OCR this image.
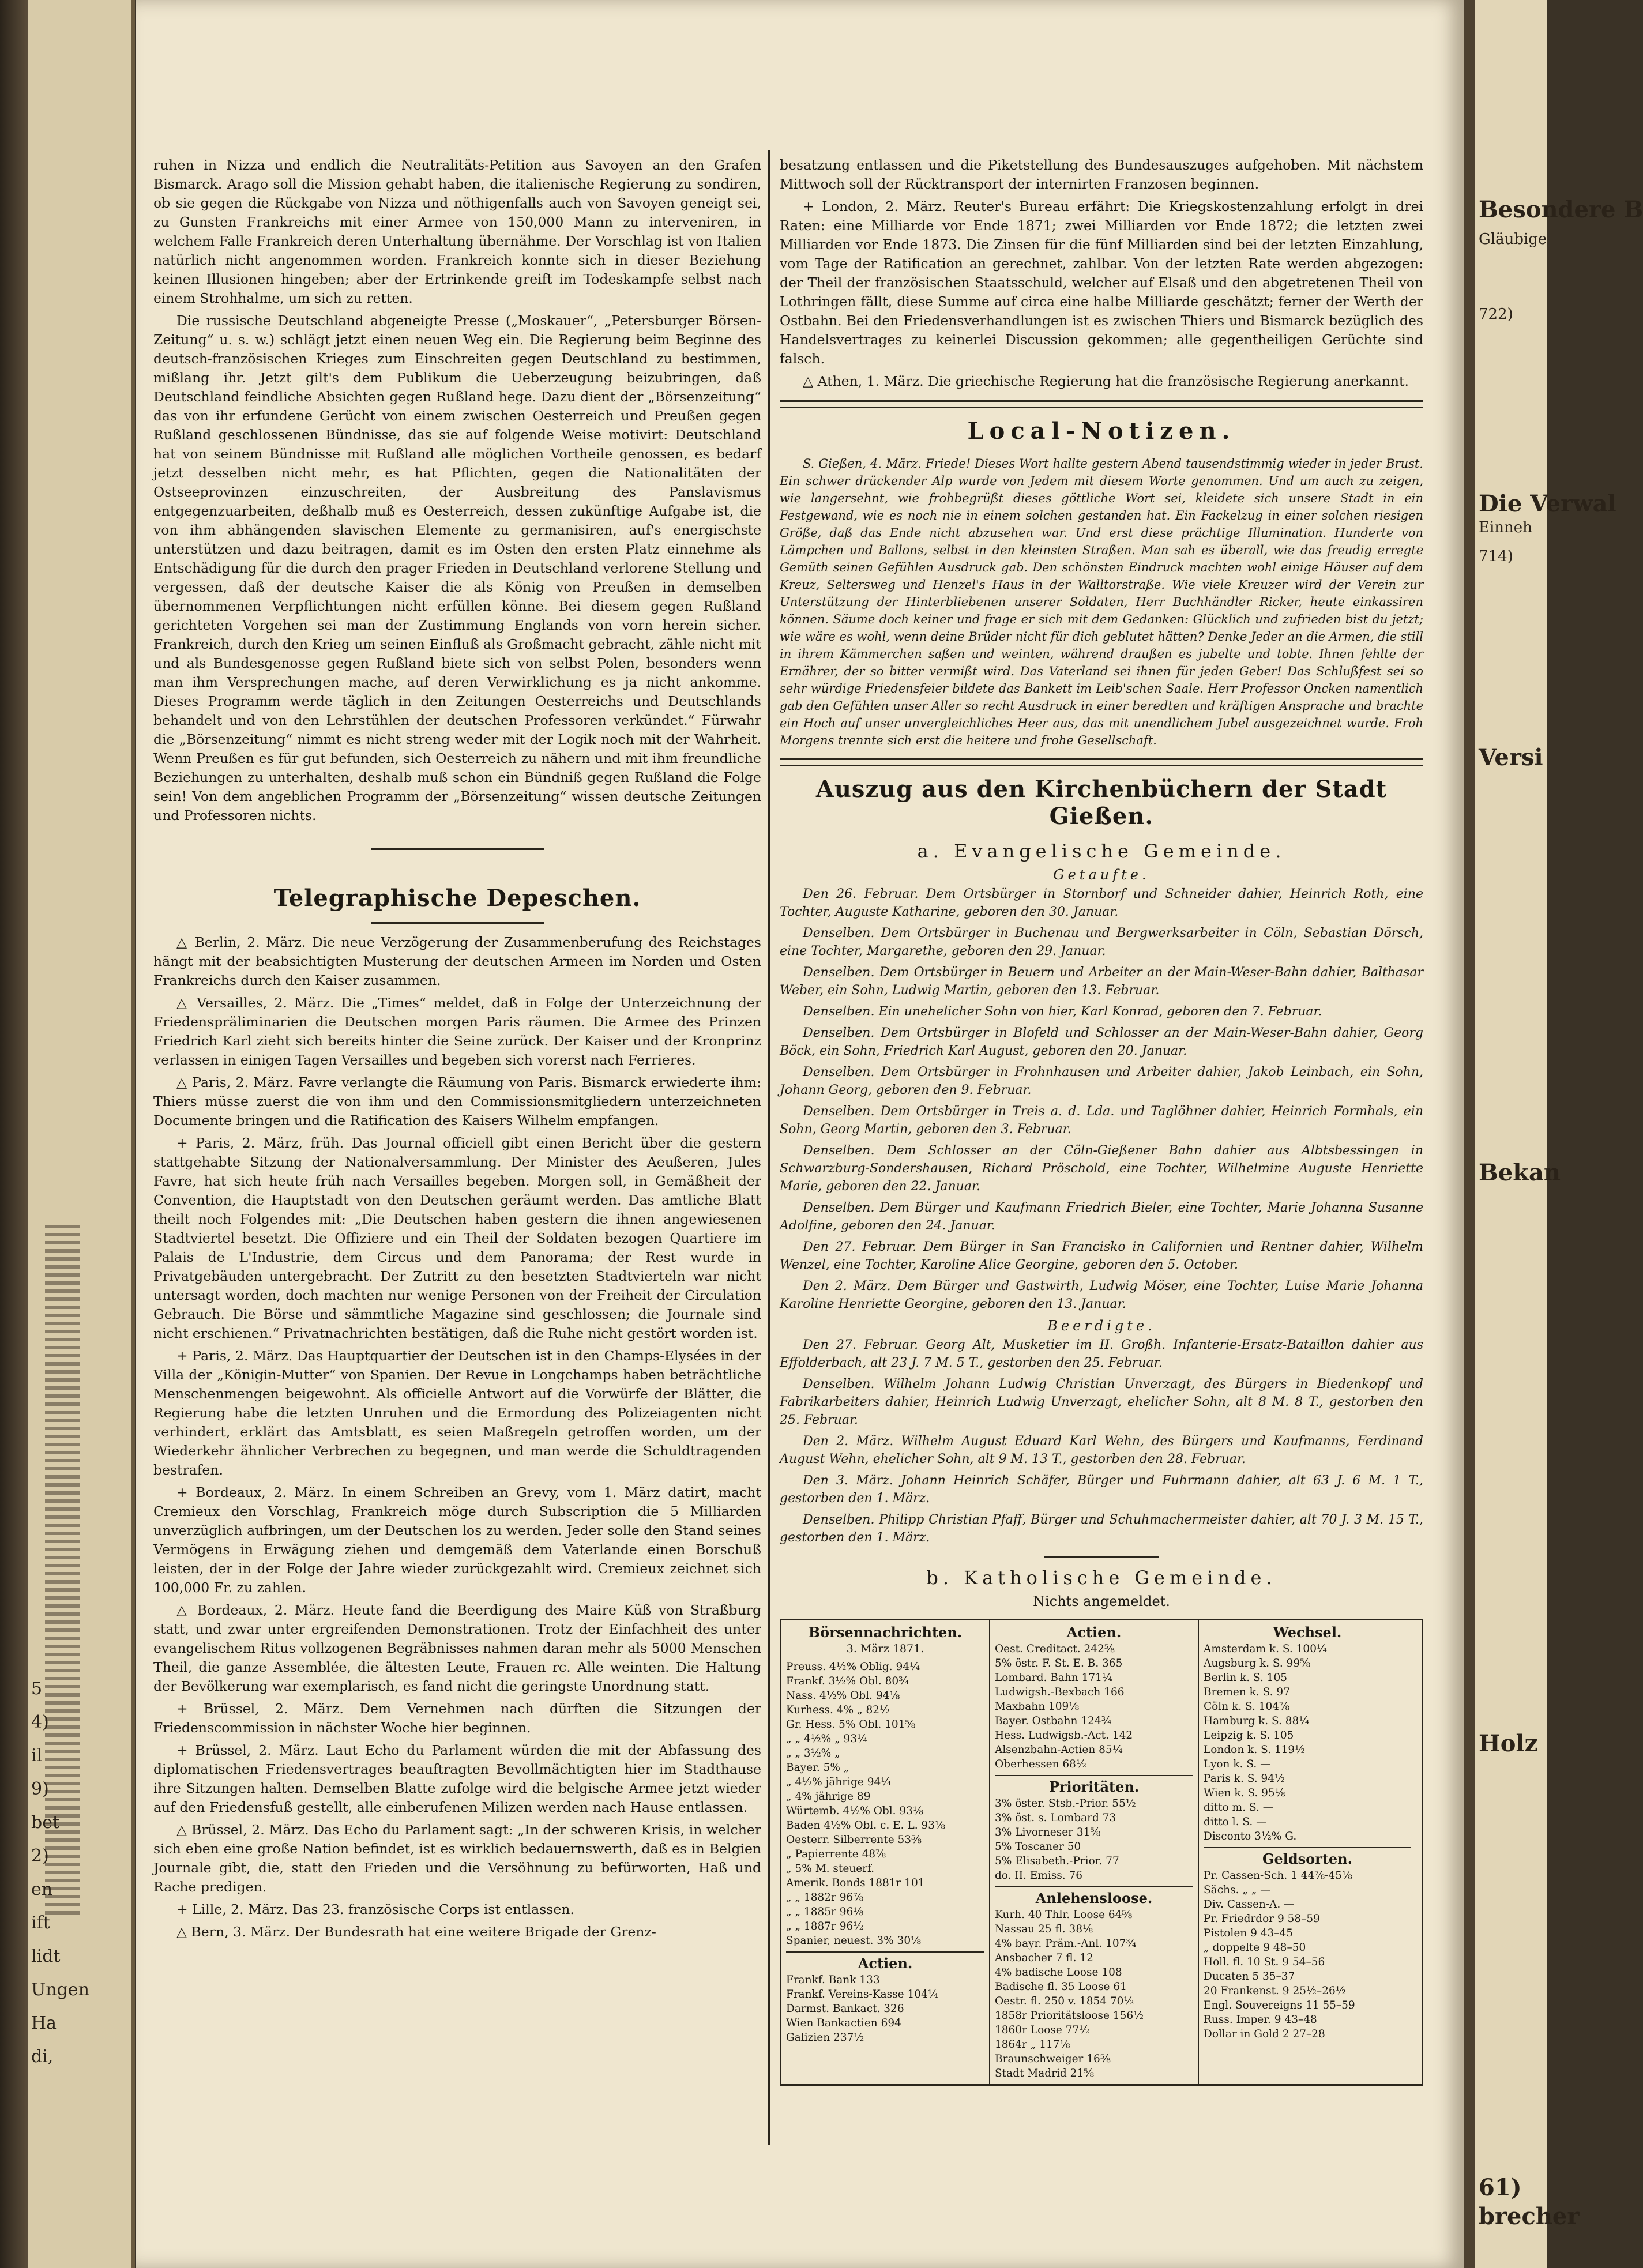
5
4)
il
9)
bet
2)
en
ift
lidt
Ungen
Ha
di,

ruhen in Nizza und endlich die Neutralitäts-Petition aus Savoyen an den Grafen Bismarck. Arago soll die Mission gehabt haben, die italienische Regierung zu sondiren, ob sie gegen die Rückgabe von Nizza und nöthigenfalls auch von Savoyen geneigt sei, zu Gunsten Frankreichs mit einer Armee von 150,000 Mann zu interveniren, in welchem Falle Frankreich deren Unterhaltung übernähme. Der Vorschlag ist von Italien natürlich nicht angenommen worden. Frankreich konnte sich in dieser Beziehung keinen Illusionen hingeben; aber der Ertrinkende greift im Todeskampfe selbst nach einem Strohhalme, um sich zu retten.

Die russische Deutschland abgeneigte Presse („Moskauer“, „Petersburger Börsen-Zeitung“ u. s. w.) schlägt jetzt einen neuen Weg ein. Die Regierung beim Beginne des deutsch-französischen Krieges zum Einschreiten gegen Deutschland zu bestimmen, mißlang ihr. Jetzt gilt's dem Publikum die Ueberzeugung beizubringen, daß Deutschland feindliche Absichten gegen Rußland hege. Dazu dient der „Börsenzeitung“ das von ihr erfundene Gerücht von einem zwischen Oesterreich und Preußen gegen Rußland geschlossenen Bündnisse, das sie auf folgende Weise motivirt: Deutschland hat von seinem Bündnisse mit Rußland alle möglichen Vortheile genossen, es bedarf jetzt desselben nicht mehr, es hat Pflichten, gegen die Nationalitäten der Ostseeprovinzen einzuschreiten, der Ausbreitung des Panslavismus entgegenzuarbeiten, deßhalb muß es Oesterreich, dessen zukünftige Aufgabe ist, die von ihm abhängenden slavischen Elemente zu germanisiren, auf's energischste unterstützen und dazu beitragen, damit es im Osten den ersten Platz einnehme als Entschädigung für die durch den prager Frieden in Deutschland verlorene Stellung und vergessen, daß der deutsche Kaiser die als König von Preußen in demselben übernommenen Verpflichtungen nicht erfüllen könne. Bei diesem gegen Rußland gerichteten Vorgehen sei man der Zustimmung Englands von vorn herein sicher. Frankreich, durch den Krieg um seinen Einfluß als Großmacht gebracht, zähle nicht mit und als Bundesgenosse gegen Rußland biete sich von selbst Polen, besonders wenn man ihm Versprechungen mache, auf deren Verwirklichung es ja nicht ankomme. Dieses Programm werde täglich in den Zeitungen Oesterreichs und Deutschlands behandelt und von den Lehrstühlen der deutschen Professoren verkündet.“ Fürwahr die „Börsenzeitung“ nimmt es nicht streng weder mit der Logik noch mit der Wahrheit. Wenn Preußen es für gut befunden, sich Oesterreich zu nähern und mit ihm freundliche Beziehungen zu unterhalten, deshalb muß schon ein Bündniß gegen Rußland die Folge sein! Von dem angeblichen Programm der „Börsenzeitung“ wissen deutsche Zeitungen und Professoren nichts.

Telegraphische Depeschen.

△ Berlin, 2. März. Die neue Verzögerung der Zusammenberufung des Reichstages hängt mit der beabsichtigten Musterung der deutschen Armeen im Norden und Osten Frankreichs durch den Kaiser zusammen.

△ Versailles, 2. März. Die „Times“ meldet, daß in Folge der Unterzeichnung der Friedenspräliminarien die Deutschen morgen Paris räumen. Die Armee des Prinzen Friedrich Karl zieht sich bereits hinter die Seine zurück. Der Kaiser und der Kronprinz verlassen in einigen Tagen Versailles und begeben sich vorerst nach Ferrieres.

△ Paris, 2. März. Favre verlangte die Räumung von Paris. Bismarck erwiederte ihm: Thiers müsse zuerst die von ihm und den Commissionsmitgliedern unterzeichneten Documente bringen und die Ratification des Kaisers Wilhelm empfangen.

+ Paris, 2. März, früh. Das Journal officiell gibt einen Bericht über die gestern stattgehabte Sitzung der Nationalversammlung. Der Minister des Aeußeren, Jules Favre, hat sich heute früh nach Versailles begeben. Morgen soll, in Gemäßheit der Convention, die Hauptstadt von den Deutschen geräumt werden. Das amtliche Blatt theilt noch Folgendes mit: „Die Deutschen haben gestern die ihnen angewiesenen Stadtviertel besetzt. Die Offiziere und ein Theil der Soldaten bezogen Quartiere im Palais de L'Industrie, dem Circus und dem Panorama; der Rest wurde in Privatgebäuden untergebracht. Der Zutritt zu den besetzten Stadtvierteln war nicht untersagt worden, doch machten nur wenige Personen von der Freiheit der Circulation Gebrauch. Die Börse und sämmtliche Magazine sind geschlossen; die Journale sind nicht erschienen.“ Privatnachrichten bestätigen, daß die Ruhe nicht gestört worden ist.

+ Paris, 2. März. Das Hauptquartier der Deutschen ist in den Champs-Elysées in der Villa der „Königin-Mutter“ von Spanien. Der Revue in Longchamps haben beträchtliche Menschenmengen beigewohnt. Als officielle Antwort auf die Vorwürfe der Blätter, die Regierung habe die letzten Unruhen und die Ermordung des Polizeiagenten nicht verhindert, erklärt das Amtsblatt, es seien Maßregeln getroffen worden, um der Wiederkehr ähnlicher Verbrechen zu begegnen, und man werde die Schuldtragenden bestrafen.

+ Bordeaux, 2. März. In einem Schreiben an Grevy, vom 1. März datirt, macht Cremieux den Vorschlag, Frankreich möge durch Subscription die 5 Milliarden unverzüglich aufbringen, um der Deutschen los zu werden. Jeder solle den Stand seines Vermögens in Erwägung ziehen und demgemäß dem Vaterlande einen Borschuß leisten, der in der Folge der Jahre wieder zurückgezahlt wird. Cremieux zeichnet sich 100,000 Fr. zu zahlen.

△ Bordeaux, 2. März. Heute fand die Beerdigung des Maire Küß von Straßburg statt, und zwar unter ergreifenden Demonstrationen. Trotz der Einfachheit des unter evangelischem Ritus vollzogenen Begräbnisses nahmen daran mehr als 5000 Menschen Theil, die ganze Assemblée, die ältesten Leute, Frauen rc. Alle weinten. Die Haltung der Bevölkerung war exemplarisch, es fand nicht die geringste Unordnung statt.

+ Brüssel, 2. März. Dem Vernehmen nach dürften die Sitzungen der Friedenscommission in nächster Woche hier beginnen.

+ Brüssel, 2. März. Laut Echo du Parlament würden die mit der Abfassung des diplomatischen Friedensvertrages beauftragten Bevollmächtigten hier im Stadthause ihre Sitzungen halten. Demselben Blatte zufolge wird die belgische Armee jetzt wieder auf den Friedensfuß gestellt, alle einberufenen Milizen werden nach Hause entlassen.

△ Brüssel, 2. März. Das Echo du Parlament sagt: „In der schweren Krisis, in welcher sich eben eine große Nation befindet, ist es wirklich bedauernswerth, daß es in Belgien Journale gibt, die, statt den Frieden und die Versöhnung zu befürworten, Haß und Rache predigen.

+ Lille, 2. März. Das 23. französische Corps ist entlassen.

△ Bern, 3. März. Der Bundesrath hat eine weitere Brigade der Grenz-

besatzung entlassen und die Piketstellung des Bundesauszuges aufgehoben. Mit nächstem Mittwoch soll der Rücktransport der internirten Franzosen beginnen.

+ London, 2. März. Reuter's Bureau erfährt: Die Kriegskostenzahlung erfolgt in drei Raten: eine Milliarde vor Ende 1871; zwei Milliarden vor Ende 1872; die letzten zwei Milliarden vor Ende 1873. Die Zinsen für die fünf Milliarden sind bei der letzten Einzahlung, vom Tage der Ratification an gerechnet, zahlbar. Von der letzten Rate werden abgezogen: der Theil der französischen Staatsschuld, welcher auf Elsaß und den abgetretenen Theil von Lothringen fällt, diese Summe auf circa eine halbe Milliarde geschätzt; ferner der Werth der Ostbahn. Bei den Friedensverhandlungen ist es zwischen Thiers und Bismarck bezüglich des Handelsvertrages zu keinerlei Discussion gekommen; alle gegentheiligen Gerüchte sind falsch.

△ Athen, 1. März. Die griechische Regierung hat die französische Regierung anerkannt.

Local-Notizen.

S. Gießen, 4. März. Friede! Dieses Wort hallte gestern Abend tausendstimmig wieder in jeder Brust. Ein schwer drückender Alp wurde von Jedem mit diesem Worte genommen. Und um auch zu zeigen, wie langersehnt, wie frohbegrüßt dieses göttliche Wort sei, kleidete sich unsere Stadt in ein Festgewand, wie es noch nie in einem solchen gestanden hat. Ein Fackelzug in einer solchen riesigen Größe, daß das Ende nicht abzusehen war. Und erst diese prächtige Illumination. Hunderte von Lämpchen und Ballons, selbst in den kleinsten Straßen. Man sah es überall, wie das freudig erregte Gemüth seinen Gefühlen Ausdruck gab. Den schönsten Eindruck machten wohl einige Häuser auf dem Kreuz, Seltersweg und Henzel's Haus in der Walltorstraße. Wie viele Kreuzer wird der Verein zur Unterstützung der Hinterbliebenen unserer Soldaten, Herr Buchhändler Ricker, heute einkassiren können. Säume doch keiner und frage er sich mit dem Gedanken: Glücklich und zufrieden bist du jetzt; wie wäre es wohl, wenn deine Brüder nicht für dich geblutet hätten? Denke Jeder an die Armen, die still in ihrem Kämmerchen saßen und weinten, während draußen es jubelte und tobte. Ihnen fehlte der Ernährer, der so bitter vermißt wird. Das Vaterland sei ihnen für jeden Geber! Das Schlußfest sei so sehr würdige Friedensfeier bildete das Bankett im Leib'schen Saale. Herr Professor Oncken namentlich gab den Gefühlen unser Aller so recht Ausdruck in einer beredten und kräftigen Ansprache und brachte ein Hoch auf unser unvergleichliches Heer aus, das mit unendlichem Jubel ausgezeichnet wurde. Froh Morgens trennte sich erst die heitere und frohe Gesellschaft.

Auszug aus den Kirchenbüchern der Stadt Gießen.
a. Evangelische Gemeinde.
Getaufte.

Den 26. Februar. Dem Ortsbürger in Stornborf und Schneider dahier, Heinrich Roth, eine Tochter, Auguste Katharine, geboren den 30. Januar.

Denselben. Dem Ortsbürger in Buchenau und Bergwerksarbeiter in Cöln, Sebastian Dörsch, eine Tochter, Margarethe, geboren den 29. Januar.

Denselben. Dem Ortsbürger in Beuern und Arbeiter an der Main-Weser-Bahn dahier, Balthasar Weber, ein Sohn, Ludwig Martin, geboren den 13. Februar.

Denselben. Ein unehelicher Sohn von hier, Karl Konrad, geboren den 7. Februar.

Denselben. Dem Ortsbürger in Blofeld und Schlosser an der Main-Weser-Bahn dahier, Georg Böck, ein Sohn, Friedrich Karl August, geboren den 20. Januar.

Denselben. Dem Ortsbürger in Frohnhausen und Arbeiter dahier, Jakob Leinbach, ein Sohn, Johann Georg, geboren den 9. Februar.

Denselben. Dem Ortsbürger in Treis a. d. Lda. und Taglöhner dahier, Heinrich Formhals, ein Sohn, Georg Martin, geboren den 3. Februar.

Denselben. Dem Schlosser an der Cöln-Gießener Bahn dahier aus Albtsbessingen in Schwarzburg-Sondershausen, Richard Pröschold, eine Tochter, Wilhelmine Auguste Henriette Marie, geboren den 22. Januar.

Denselben. Dem Bürger und Kaufmann Friedrich Bieler, eine Tochter, Marie Johanna Susanne Adolfine, geboren den 24. Januar.

Den 27. Februar. Dem Bürger in San Francisko in Californien und Rentner dahier, Wilhelm Wenzel, eine Tochter, Karoline Alice Georgine, geboren den 5. October.

Den 2. März. Dem Bürger und Gastwirth, Ludwig Möser, eine Tochter, Luise Marie Johanna Karoline Henriette Georgine, geboren den 13. Januar.

Beerdigte.

Den 27. Februar. Georg Alt, Musketier im II. Großh. Infanterie-Ersatz-Bataillon dahier aus Effolderbach, alt 23 J. 7 M. 5 T., gestorben den 25. Februar.

Denselben. Wilhelm Johann Ludwig Christian Unverzagt, des Bürgers in Biedenkopf und Fabrikarbeiters dahier, Heinrich Ludwig Unverzagt, ehelicher Sohn, alt 8 M. 8 T., gestorben den 25. Februar.

Den 2. März. Wilhelm August Eduard Karl Wehn, des Bürgers und Kaufmanns, Ferdinand August Wehn, ehelicher Sohn, alt 9 M. 13 T., gestorben den 28. Februar.

Den 3. März. Johann Heinrich Schäfer, Bürger und Fuhrmann dahier, alt 63 J. 6 M. 1 T., gestorben den 1. März.

Denselben. Philipp Christian Pfaff, Bürger und Schuhmachermeister dahier, alt 70 J. 3 M. 15 T., gestorben den 1. März.

b. Katholische Gemeinde.
Nichts angemeldet.
Börsennachrichten.
3. März 1871.
Preuss. 4½% Oblig. 94¼
Frankf. 3½% Obl. 80¾
Nass. 4½% Obl. 94⅛
Kurhess. 4% „ 82½
Gr. Hess. 5% Obl. 101⅝
„ „ 4½% „ 93¼
„ „ 3½% „
Bayer. 5% „
„ 4½% jährige 94¼
„ 4% jährige 89
Würtemb. 4½% Obl. 93⅛
Baden 4½% Obl. c. E. L. 93⅛
Oesterr. Silberrente 53⅝
„ Papierrente 48⅞
„ 5% M. steuerf.
Amerik. Bonds 1881r 101
„ „ 1882r 96⅞
„ „ 1885r 96⅛
„ „ 1887r 96½
Spanier, neuest. 3% 30⅛
Actien.
Frankf. Bank 133
Frankf. Vereins-Kasse 104¼
Darmst. Bankact. 326
Wien Bankactien 694
Galizien 237½
Actien.
Oest. Creditact. 242⅝
5% östr. F. St. E. B. 365
Lombard. Bahn 171¼
Ludwigsh.-Bexbach 166
Maxbahn 109⅛
Bayer. Ostbahn 124¾
Hess. Ludwigsb.-Act. 142
Alsenzbahn-Actien 85¼
Oberhessen 68½
Prioritäten.
3% öster. Stsb.-Prior. 55½
3% öst. s. Lombard 73
3% Livorneser 31⅝
5% Toscaner 50
5% Elisabeth.-Prior. 77
do. II. Emiss. 76
Anlehensloose.
Kurh. 40 Thlr. Loose 64⅝
Nassau 25 fl. 38⅛
4% bayr. Präm.-Anl. 107¾
Ansbacher 7 fl. 12
4% badische Loose 108
Badische fl. 35 Loose 61
Oestr. fl. 250 v. 1854 70½
1858r Prioritätsloose 156½
1860r Loose 77½
1864r „ 117⅛
Braunschweiger 16⅝
Stadt Madrid 21⅝
Wechsel.
Amsterdam k. S. 100¼
Augsburg k. S. 99⅝
Berlin k. S. 105
Bremen k. S. 97
Cöln k. S. 104⅞
Hamburg k. S. 88¼
Leipzig k. S. 105
London k. S. 119½
Lyon k. S. —
Paris k. S. 94½
Wien k. S. 95⅛
ditto m. S. —
ditto l. S. —
Disconto 3½% G.
Geldsorten.
Pr. Cassen-Sch. 1 44⅞-45⅛
Sächs. „ „ —
Div. Cassen-A. —
Pr. Friedrdor 9 58–59
Pistolen 9 43–45
„ doppelte 9 48–50
Holl. fl. 10 St. 9 54–56
Ducaten 5 35–37
20 Frankenst. 9 25½–26½
Engl. Souvereigns 11 55–59
Russ. Imper. 9 43–48
Dollar in Gold 2 27–28
Besondere B
Gläubige
722)
Die Verwal
Einneh
714)
Versi
Bekan
Holz
61)
brecher
